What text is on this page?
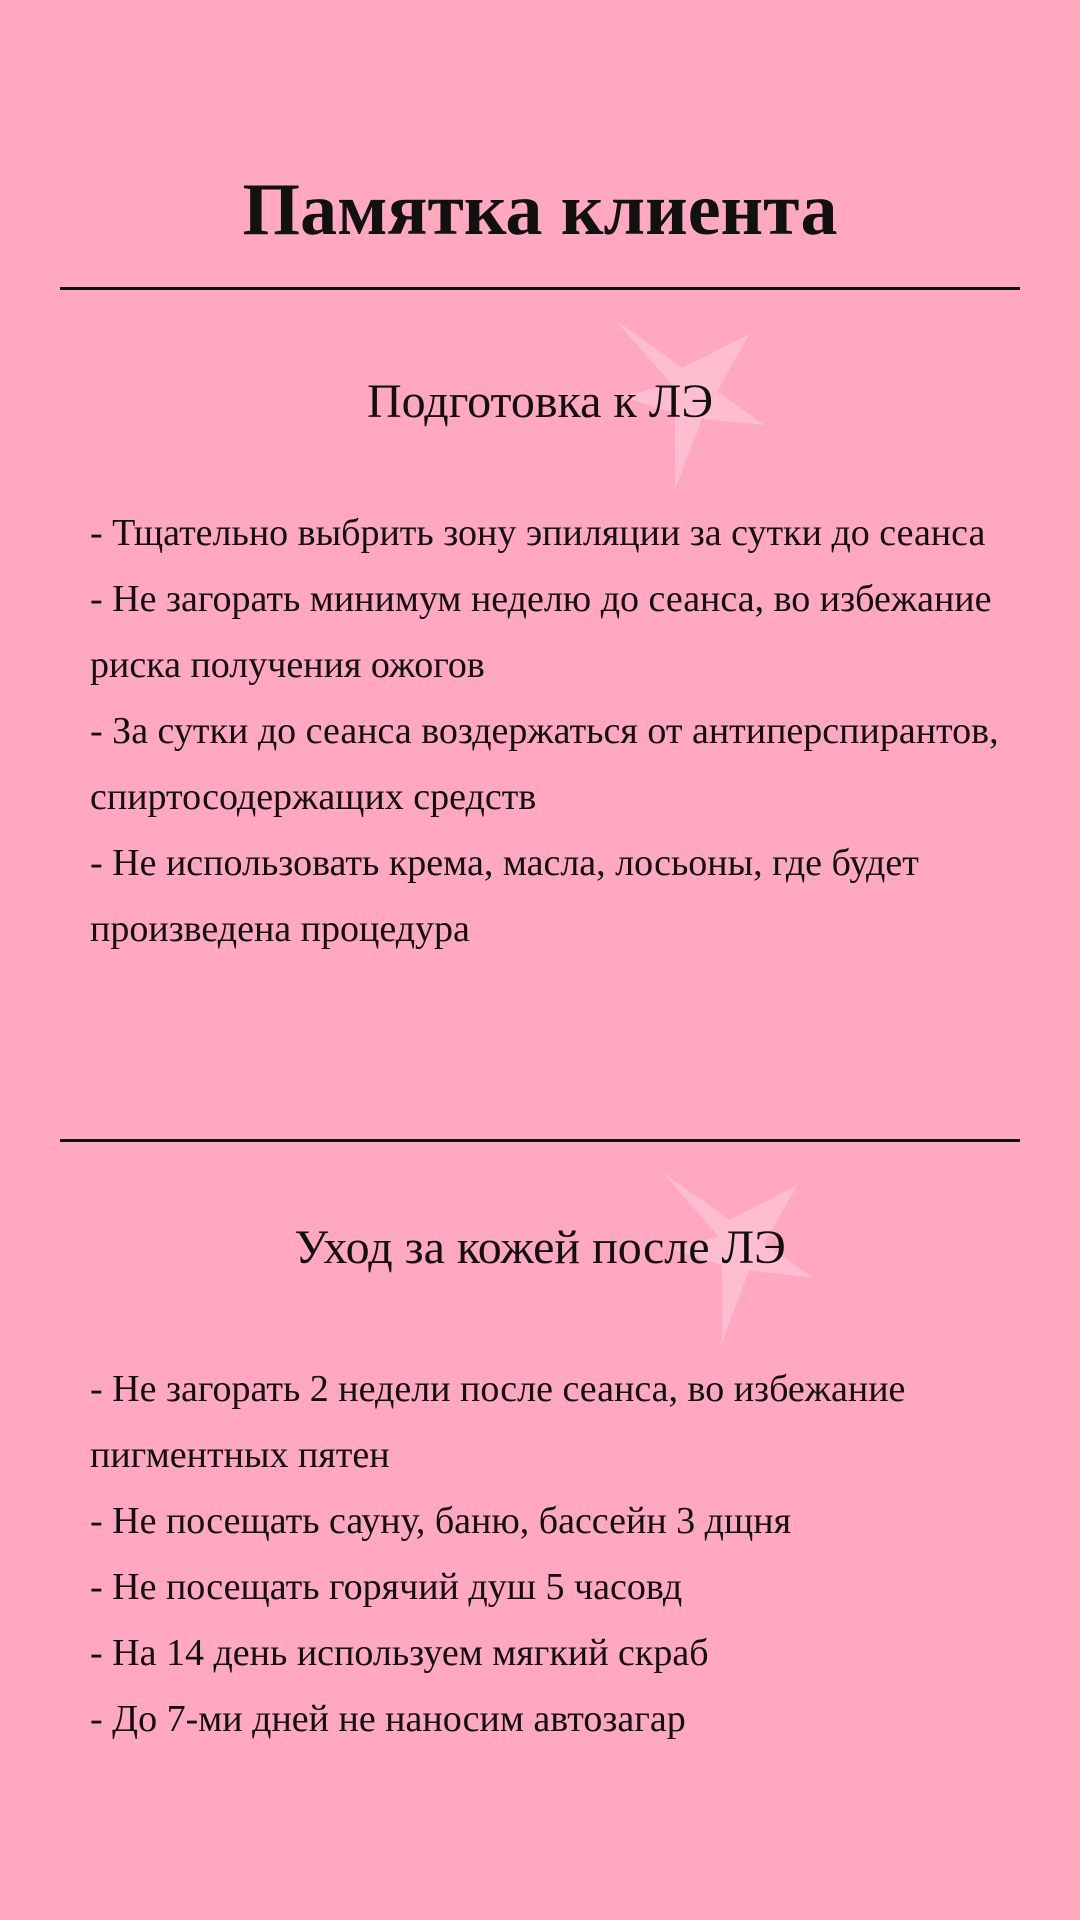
Памятка клиента
Подготовка к ЛЭ
- Тщательно выбрить зону эпиляции за сутки до сеанса
- Не загорать минимум неделю до сеанса, во избежание риска получения ожогов
- За сутки до сеанса воздержаться от антиперспирантов, спиртосодержащих средств
- Не использовать крема, масла, лосьоны, где будет произведена процедура
Уход за кожей после ЛЭ
- Не загорать 2 недели после сеанса, во избежание пигментных пятен
- Не посещать сауну, баню, бассейн 3 дщня
- Не посещать горячий душ 5 часовд
- На 14 день используем мягкий скраб
- До 7-ми дней не наносим автозагар
